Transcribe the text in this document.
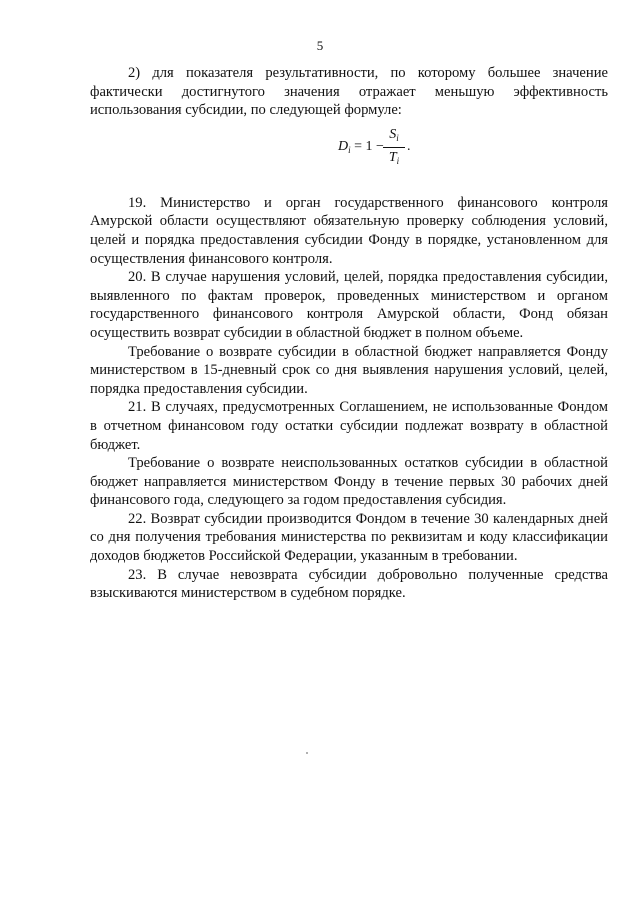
5

2) для показателя результативности, по которому большее значение фактически достигнутого значения отражает меньшую эффективность использования субсидии, по следующей формуле:

$D_i = 1 - \frac{S_i}{T_i}$ .

19. Министерство и орган государственного финансового контроля Амурской области осуществляют обязательную проверку соблюдения условий, целей и порядка предоставления субсидии Фонду в порядке, установленном для осуществления финансового контроля.

20. В случае нарушения условий, целей, порядка предоставления субсидии, выявленного по фактам проверок, проведенных министерством и органом государственного финансового контроля Амурской области, Фонд обязан осуществить возврат субсидии в областной бюджет в полном объеме.

Требование о возврате субсидии в областной бюджет направляется Фонду министерством в 15-дневный срок со дня выявления нарушения условий, целей, порядка предоставления субсидии.

21. В случаях, предусмотренных Соглашением, не использованные Фондом в отчетном финансовом году остатки субсидии подлежат возврату в областной бюджет.

Требование о возврате неиспользованных остатков субсидии в областной бюджет направляется министерством Фонду в течение первых 30 рабочих дней финансового года, следующего за годом предоставления субсидия.

22. Возврат субсидии производится Фондом в течение 30 календарных дней со дня получения требования министерства по реквизитам и коду классификации доходов бюджетов Российской Федерации, указанным в требовании.

23. В случае невозврата субсидии добровольно полученные средства взыскиваются министерством в судебном порядке.
